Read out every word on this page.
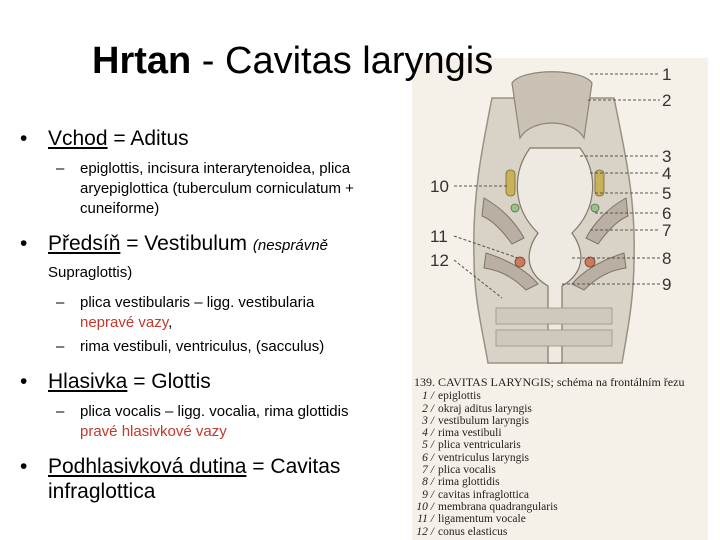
Hrtan - Cavitas laryngis
• Vchod = Aditus
– epiglottis, incisura interarytenoidea, plica aryepiglottica (tuberculum corniculatum + cuneiforme)
• Předsíň = Vestibulum (nesprávně
Supraglottis)
– plica vestibularis – ligg. vestibularia
nepravé vazy,
– rima vestibuli, ventriculus, (sacculus)
• Hlasivka = Glottis
– plica vocalis – ligg. vocalia, rima glottidis
pravé hlasivkové vazy
• Podhlasivková dutina = Cavitas infraglottica
1
2
3
4
5
6
7
8
9
10
11
12
139. CAVITAS LARYNGIS; schéma na frontálním řezu
1 / epiglottis
2 / okraj aditus laryngis
3 / vestibulum laryngis
4 / rima vestibuli
5 / plica ventricularis
6 / ventriculus laryngis
7 / plica vocalis
8 / rima glottidis
9 / cavitas infraglottica
10 / membrana quadrangularis
11 / ligamentum vocale
12 / conus elasticus
